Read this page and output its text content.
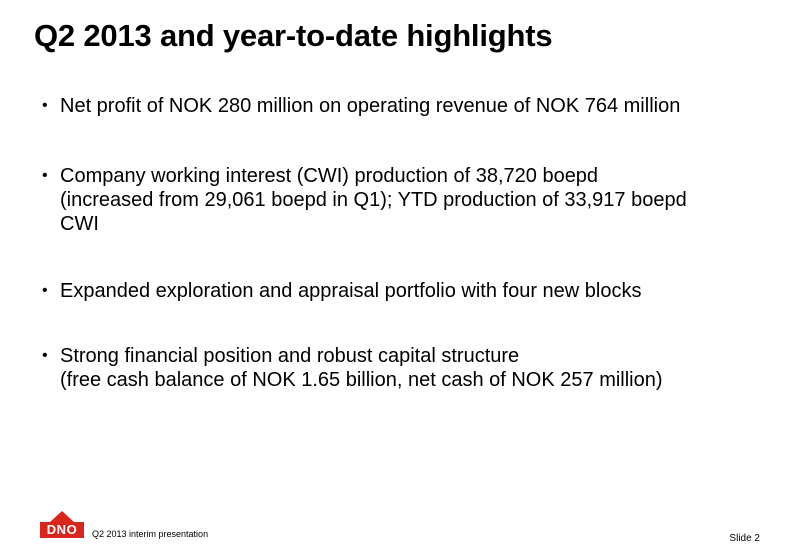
Q2 2013 and year-to-date highlights
• Net profit of NOK 280 million on operating revenue of NOK 764 million
• Company working interest (CWI) production of 38,720 boepd
(increased from 29,061 boepd in Q1); YTD production of 33,917 boepd
CWI
• Expanded exploration and appraisal portfolio with four new blocks
• Strong financial position and robust capital structure
(free cash balance of NOK 1.65 billion, net cash of NOK 257 million)
DNO	Q2 2013 interim presentation	Slide 2
